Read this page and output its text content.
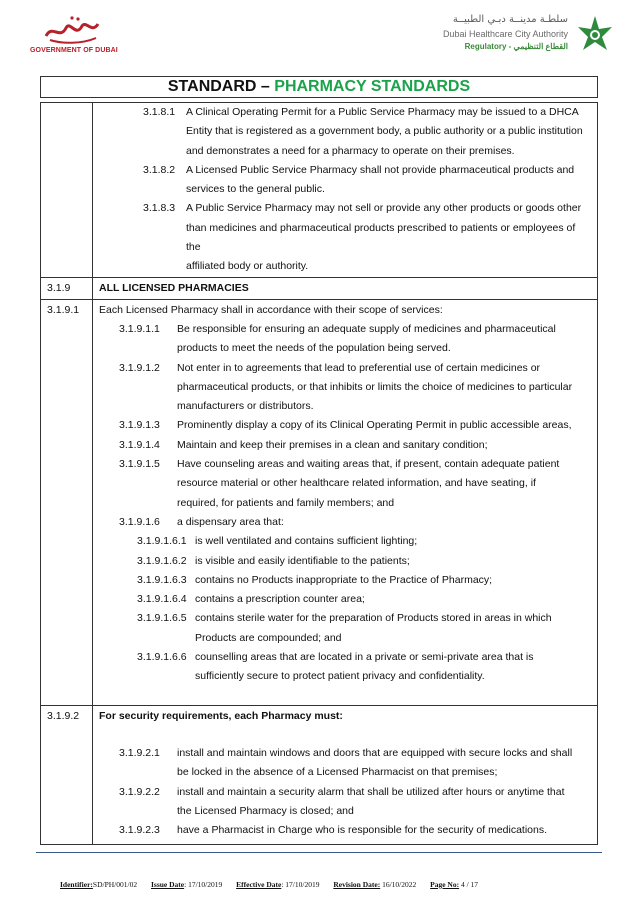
GOVERNMENT OF DUBAI
سلطـة مدينــة دبـي الطبيــة
Dubai Healthcare City Authority
Regulatory - القطاع التنظيمي
STANDARD – PHARMACY STANDARDS
3.1.8.1	A Clinical Operating Permit for a Public Service Pharmacy may be issued to a DHCA
Entity that is registered as a government body, a public authority or a public institution
and demonstrates a need for a pharmacy to operate on their premises.
3.1.8.2	A Licensed Public Service Pharmacy shall not provide pharmaceutical products and
services to the general public.
3.1.8.3	A Public Service Pharmacy may not sell or provide any other products or goods other
than medicines and pharmaceutical products prescribed to patients or employees of the
affiliated body or authority.
3.1.9	ALL LICENSED PHARMACIES
3.1.9.1 Each Licensed Pharmacy shall in accordance with their scope of services:
3.1.9.1.1	Be responsible for ensuring an adequate supply of medicines and pharmaceutical
products to meet the needs of the population being served.
3.1.9.1.2	Not enter in to agreements that lead to preferential use of certain medicines or
pharmaceutical products, or that inhibits or limits the choice of medicines to particular
manufacturers or distributors.
3.1.9.1.3	Prominently display a copy of its Clinical Operating Permit in public accessible areas,
3.1.9.1.4	Maintain and keep their premises in a clean and sanitary condition;
3.1.9.1.5	Have counseling areas and waiting areas that, if present, contain adequate patient
resource material or other healthcare related information, and have seating, if
required, for patients and family members; and
3.1.9.1.6	a dispensary area that:
3.1.9.1.6.1 is well ventilated and contains sufficient lighting;
3.1.9.1.6.2 is visible and easily identifiable to the patients;
3.1.9.1.6.3 contains no Products inappropriate to the Practice of Pharmacy;
3.1.9.1.6.4 contains a prescription counter area;
3.1.9.1.6.5 contains sterile water for the preparation of Products stored in areas in which
Products are compounded; and
3.1.9.1.6.6 counselling areas that are located in a private or semi-private area that is
sufficiently secure to protect patient privacy and confidentiality.
3.1.9.2 For security requirements, each Pharmacy must:
3.1.9.2.1	install and maintain windows and doors that are equipped with secure locks and shall
be locked in the absence of a Licensed Pharmacist on that premises;
3.1.9.2.2	install and maintain a security alarm that shall be utilized after hours or anytime that
the Licensed Pharmacy is closed; and
3.1.9.2.3	have a Pharmacist in Charge who is responsible for the security of medications.
Identifier:SD/PH/001/02 Issue Date: 17/10/2019 Effective Date: 17/10/2019 Revision Date: 16/10/2022 Page No: 4 / 17
